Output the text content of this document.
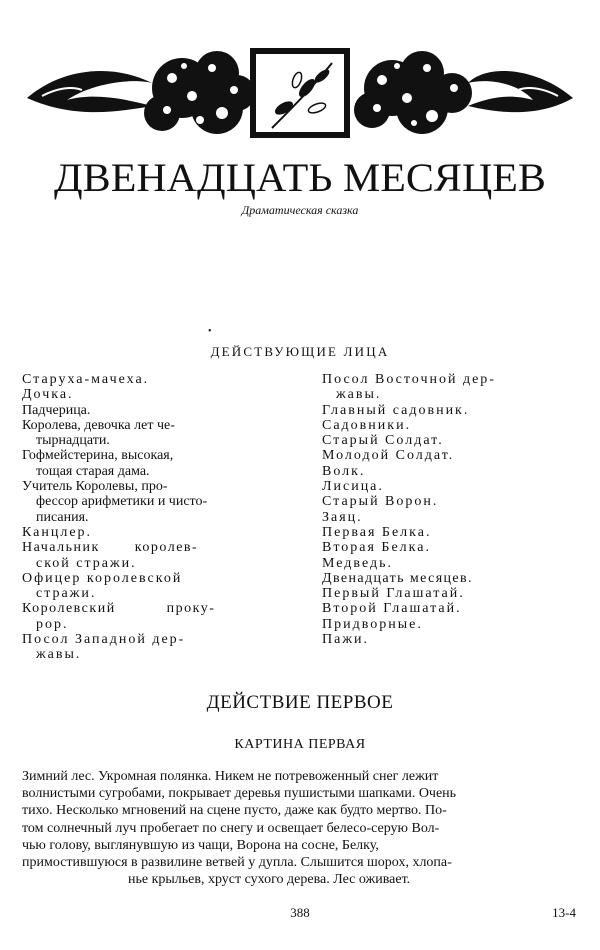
ДВЕНАДЦАТЬ МЕСЯЦЕВ
Драматическая сказка
•
ДЕЙСТВУЮЩИЕ ЛИЦА
Старуха-мачеха.
Дочка.
Падчерица.
Королева, девочка лет че-
тырнадцати.
Гофмейстерина, высокая,
тощая старая дама.
Учитель Королевы, про-
фессор арифметики и чисто-
писания.
Канцлер.
Начальник королев-
ской стражи.
Офицер королевской
стражи.
Королевский проку-
рор.
Посол Западной дер-
жавы.
Посол Восточной дер-
жавы.
Главный садовник.
Садовники.
Старый Солдат.
Молодой Солдат.
Волк.
Лисица.
Старый Ворон.
Заяц.
Первая Белка.
Вторая Белка.
Медведь.
Двенадцать месяцев.
Первый Глашатай.
Второй Глашатай.
Придворные.
Пажи.
ДЕЙСТВИЕ ПЕРВОЕ
КАРТИНА ПЕРВАЯ
Зимний лес. Укромная полянка. Никем не потревоженный снег лежит
волнистыми сугробами, покрывает деревья пушистыми шапками. Очень
тихо. Несколько мгновений на сцене пусто, даже как будто мертво. По-
том солнечный луч пробегает по снегу и освещает белесо-серую Вол-
чью голову, выглянувшую из чащи, Ворона на сосне, Белку,
примостившуюся в развилине ветвей у дупла. Слышится шорох, хлопа-
нье крыльев, хруст сухого дерева. Лес оживает.
388	13-4
